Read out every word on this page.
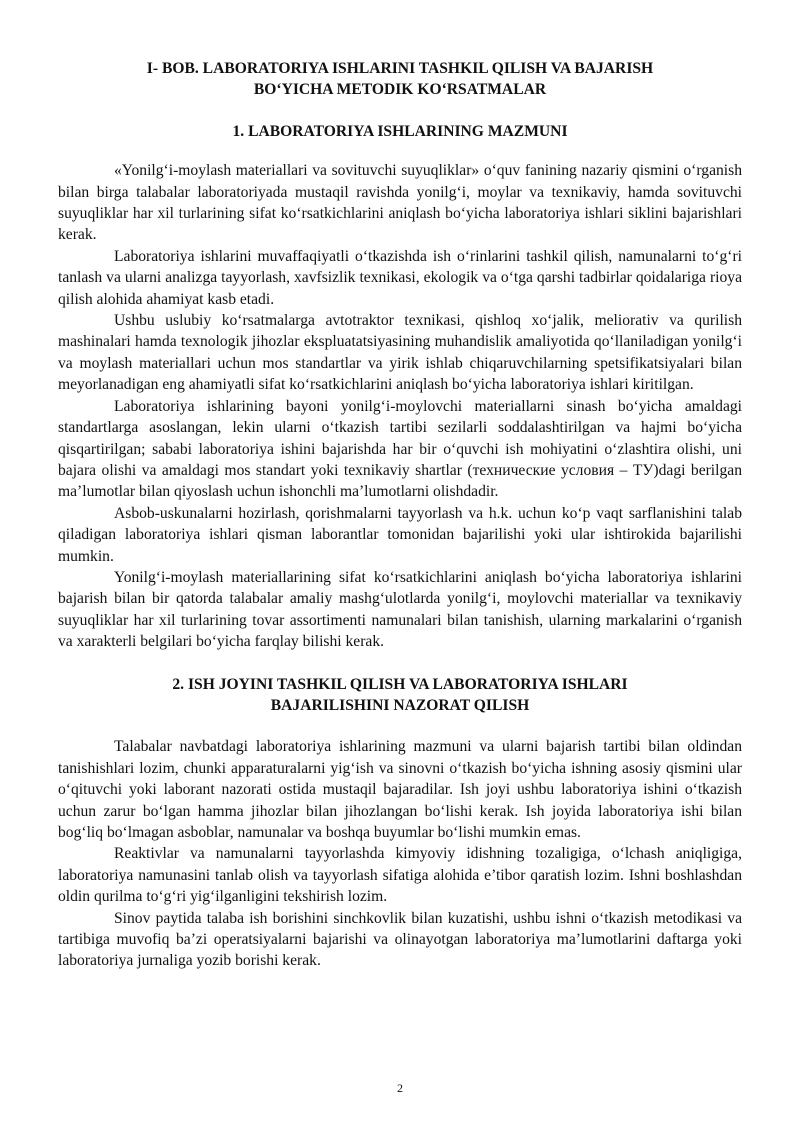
I- BOB. LABORATORIYA ISHLARINI TASHKIL QILISH VA BAJARISH
BO‘YICHA METODIK KO‘RSATMALAR
1. LABORATORIYA ISHLARINING MAZMUNI

«Yonilg‘i-moylash materiallari va sovituvchi suyuqliklar» o‘quv fanining nazariy qismini o‘rganish bilan birga talabalar laboratoriyada mustaqil ravishda yonilg‘i, moylar va texnikaviy, hamda sovituvchi suyuqliklar har xil turlarining sifat ko‘rsatkichlarini aniqlash bo‘yicha laboratoriya ishlari siklini bajarishlari kerak.

Laboratoriya ishlarini muvaffaqiyatli o‘tkazishda ish o‘rinlarini tashkil qilish, namunalarni to‘g‘ri tanlash va ularni analizga tayyorlash, xavfsizlik texnikasi, ekologik va o‘tga qarshi tadbirlar qoidalariga rioya qilish alohida ahamiyat kasb etadi.

Ushbu uslubiy ko‘rsatmalarga avtotraktor texnikasi, qishloq xo‘jalik, meliorativ va qurilish mashinalari hamda texnologik jihozlar ekspluatatsiyasining muhandislik amaliyotida qo‘llaniladigan yonilg‘i va moylash materiallari uchun mos standartlar va yirik ishlab chiqaruvchilarning spetsifikatsiyalari bilan meyorlanadigan eng ahamiyatli sifat ko‘rsatkichlarini aniqlash bo‘yicha laboratoriya ishlari kiritilgan.

Laboratoriya ishlarining bayoni yonilg‘i-moylovchi materiallarni sinash bo‘yicha amaldagi standartlarga asoslangan, lekin ularni o‘tkazish tartibi sezilarli soddalashtirilgan va hajmi bo‘yicha qisqartirilgan; sababi laboratoriya ishini bajarishda har bir o‘quvchi ish mohiyatini o‘zlashtira olishi, uni bajara olishi va amaldagi mos standart yoki texnikaviy shartlar (технические условия – ТУ)dagi berilgan ma’lumotlar bilan qiyoslash uchun ishonchli ma’lumotlarni olishdadir.

Asbob-uskunalarni hozirlash, qorishmalarni tayyorlash va h.k. uchun ko‘p vaqt sarflanishini talab qiladigan laboratoriya ishlari qisman laborantlar tomonidan bajarilishi yoki ular ishtirokida bajarilishi mumkin.

Yonilg‘i-moylash materiallarining sifat ko‘rsatkichlarini aniqlash bo‘yicha laboratoriya ishlarini bajarish bilan bir qatorda talabalar amaliy mashg‘ulotlarda yonilg‘i, moylovchi materiallar va texnikaviy suyuqliklar har xil turlarining tovar assortimenti namunalari bilan tanishish, ularning markalarini o‘rganish va xarakterli belgilari bo‘yicha farqlay bilishi kerak.

2. ISH JOYINI TASHKIL QILISH VA LABORATORIYA ISHLARI
BAJARILISHINI NAZORAT QILISH

Talabalar navbatdagi laboratoriya ishlarining mazmuni va ularni bajarish tartibi bilan oldindan tanishishlari lozim, chunki apparaturalarni yig‘ish va sinovni o‘tkazish bo‘yicha ishning asosiy qismini ular o‘qituvchi yoki laborant nazorati ostida mustaqil bajaradilar. Ish joyi ushbu laboratoriya ishini o‘tkazish uchun zarur bo‘lgan hamma jihozlar bilan jihozlangan bo‘lishi kerak. Ish joyida laboratoriya ishi bilan bog‘liq bo‘lmagan asboblar, namunalar va boshqa buyumlar bo‘lishi mumkin emas.

Reaktivlar va namunalarni tayyorlashda kimyoviy idishning tozaligiga, o‘lchash aniqligiga, laboratoriya namunasini tanlab olish va tayyorlash sifatiga alohida e’tibor qaratish lozim. Ishni boshlashdan oldin qurilma to‘g‘ri yig‘ilganligini tekshirish lozim.

Sinov paytida talaba ish borishini sinchkovlik bilan kuzatishi, ushbu ishni o‘tkazish metodikasi va tartibiga muvofiq ba’zi operatsiyalarni bajarishi va olinayotgan laboratoriya ma’lumotlarini daftarga yoki laboratoriya jurnaliga yozib borishi kerak.

2
